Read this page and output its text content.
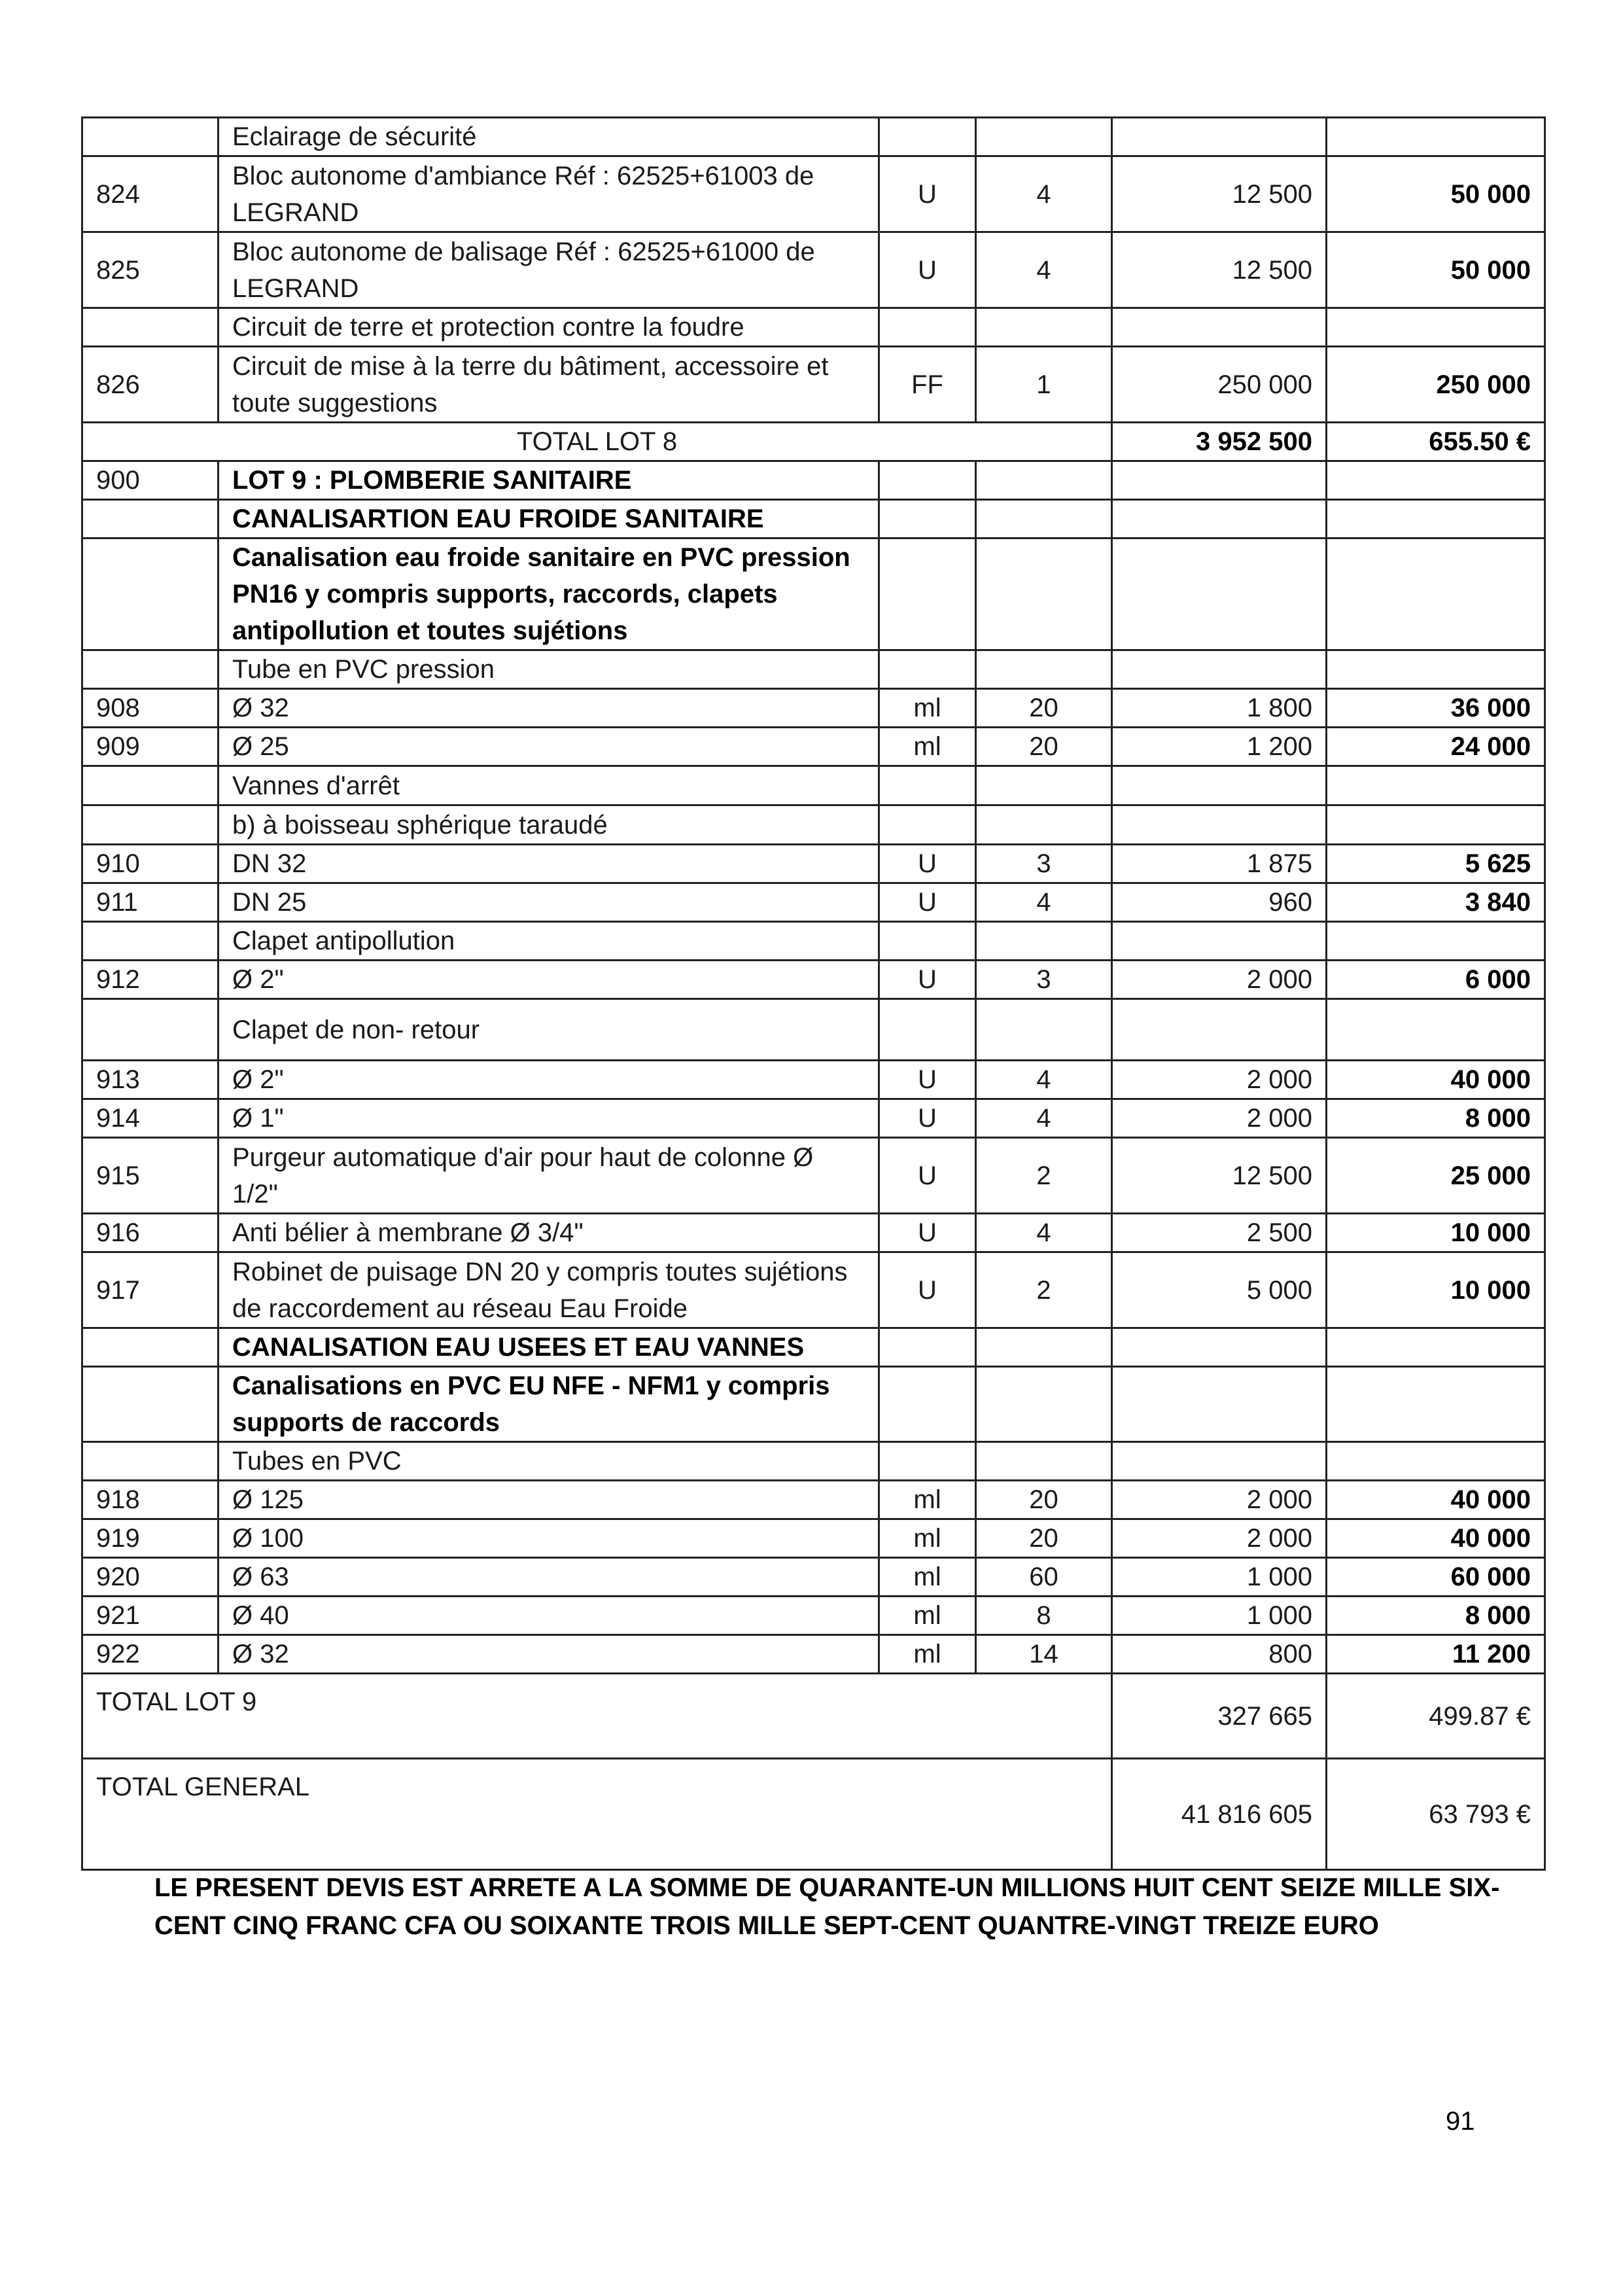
	Eclairage de sécurité				
824	Bloc autonome d'ambiance Réf : 62525+61003 de LEGRAND	U	4	12 500	50 000
825	Bloc autonome de balisage Réf : 62525+61000 de LEGRAND	U	4	12 500	50 000
	Circuit de terre et protection contre la foudre				
826	Circuit de mise à la terre du bâtiment, accessoire et toute suggestions	FF	1	250 000	250 000
TOTAL LOT 8				3 952 500	655.50 €
900	LOT 9 : PLOMBERIE SANITAIRE				
	CANALISARTION EAU FROIDE SANITAIRE				
	Canalisation eau froide sanitaire en PVC pression PN16 y compris supports, raccords, clapets antipollution et toutes sujétions				
	Tube en PVC pression				
908	Ø 32	ml	20	1 800	36 000
909	Ø 25	ml	20	1 200	24 000
	Vannes d'arrêt				
	b) à boisseau sphérique taraudé				
910	DN 32	U	3	1 875	5 625
911	DN 25	U	4	960	3 840
	Clapet antipollution				
912	Ø 2"	U	3	2 000	6 000
	Clapet de non- retour				
913	Ø 2"	U	4	2 000	40 000
914	Ø 1"	U	4	2 000	8 000
915	Purgeur automatique d'air pour haut de colonne Ø 1/2"	U	2	12 500	25 000
916	Anti bélier à membrane Ø 3/4"	U	4	2 500	10 000
917	Robinet de puisage DN 20 y compris toutes sujétions de raccordement au réseau Eau Froide	U	2	5 000	10 000
	CANALISATION EAU USEES ET EAU VANNES				
	Canalisations en PVC EU NFE - NFM1 y compris supports de raccords				
	Tubes en PVC				
918	Ø 125	ml	20	2 000	40 000
919	Ø 100	ml	20	2 000	40 000
920	Ø 63	ml	60	1 000	60 000
921	Ø 40	ml	8	1 000	8 000
922	Ø 32	ml	14	800	11 200
TOTAL LOT 9				327 665	499.87 €
TOTAL GENERAL				41 816 605	63 793 €
LE PRESENT DEVIS EST ARRETE A LA SOMME DE QUARANTE-UN MILLIONS HUIT CENT SEIZE MILLE SIX-CENT CINQ FRANC CFA OU SOIXANTE TROIS MILLE SEPT-CENT QUANTRE-VINGT TREIZE EURO
91
